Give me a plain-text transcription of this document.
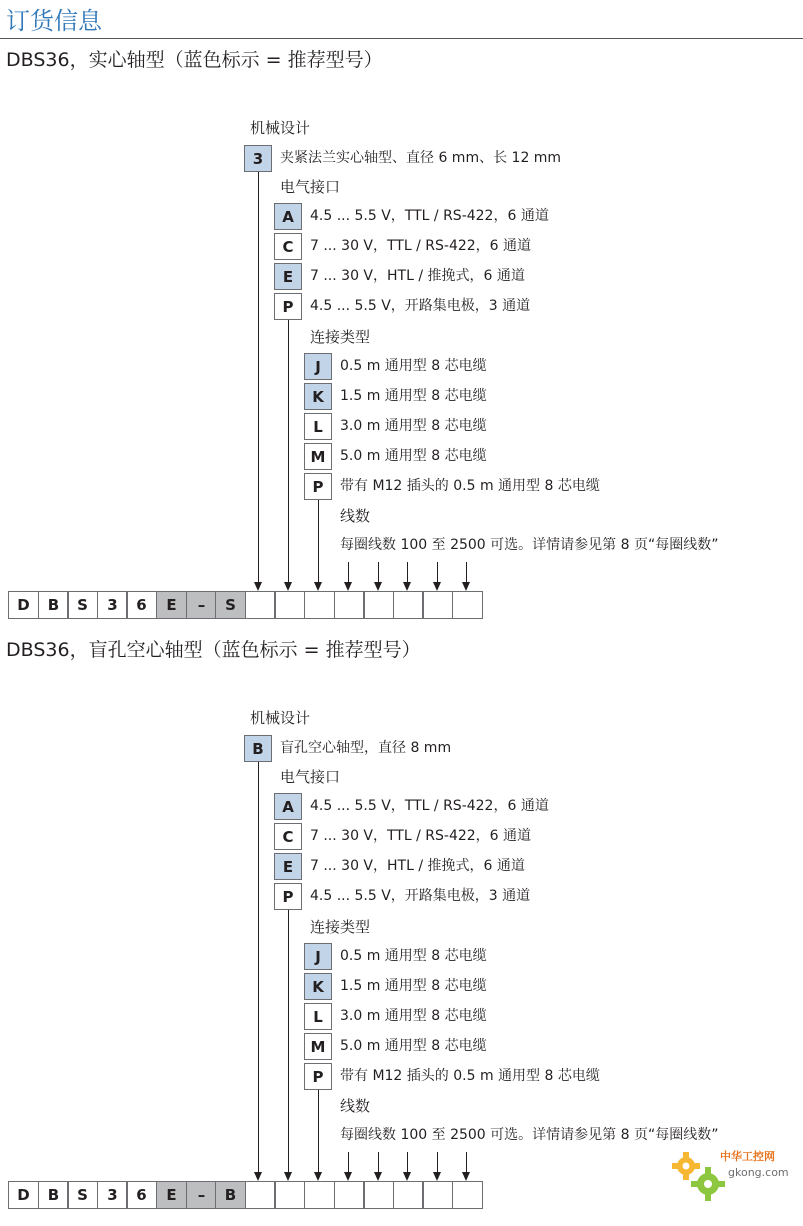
订货信息
DBS36，实心轴型（蓝色标示 = 推荐型号）
机械设计
3	夹紧法兰实心轴型、直径 6 mm、长 12 mm
电气接口
A	4.5 ... 5.5 V，TTL / RS-422，6 通道
C	7 ... 30 V，TTL / RS-422，6 通道
E	7 ... 30 V，HTL / 推挽式，6 通道
P	4.5 ... 5.5 V，开路集电极，3 通道
连接类型
J	0.5 m 通用型 8 芯电缆
K	1.5 m 通用型 8 芯电缆
L	3.0 m 通用型 8 芯电缆
M	5.0 m 通用型 8 芯电缆
P	带有 M12 插头的 0.5 m 通用型 8 芯电缆
线数
每圈线数 100 至 2500 可选。详情请参见第 8 页“每圈线数”
D	B	S	3	6	E	–	S
DBS36，盲孔空心轴型（蓝色标示 = 推荐型号）
机械设计
B	盲孔空心轴型，直径 8 mm
电气接口
A	4.5 ... 5.5 V，TTL / RS-422，6 通道
C	7 ... 30 V，TTL / RS-422，6 通道
E	7 ... 30 V，HTL / 推挽式，6 通道
P	4.5 ... 5.5 V，开路集电极，3 通道
连接类型
J	0.5 m 通用型 8 芯电缆
K	1.5 m 通用型 8 芯电缆
L	3.0 m 通用型 8 芯电缆
M	5.0 m 通用型 8 芯电缆
P	带有 M12 插头的 0.5 m 通用型 8 芯电缆
线数
每圈线数 100 至 2500 可选。详情请参见第 8 页“每圈线数”
D	B	S	3	6	E	–	B
中华工控网
gkong.com
